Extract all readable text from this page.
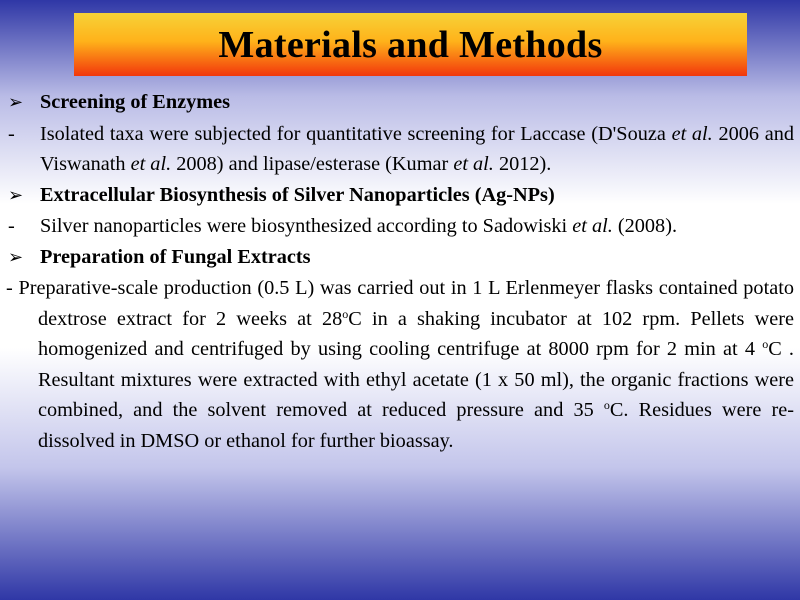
Materials and Methods
➢ Screening of Enzymes
-	Isolated taxa were subjected for quantitative screening for Laccase (D'Souza et al. 2006 and Viswanath et al. 2008) and lipase/esterase (Kumar et al. 2012).
➢ Extracellular Biosynthesis of Silver Nanoparticles (Ag-NPs)
-	Silver nanoparticles were biosynthesized according to Sadowiski et al. (2008).
➢ Preparation of Fungal Extracts
- Preparative-scale production (0.5 L) was carried out in 1 L Erlenmeyer flasks contained potato dextrose extract for 2 weeks at 28$^o$C in a shaking incubator at 102 rpm. Pellets were homogenized and centrifuged by using cooling centrifuge at 8000 rpm for 2 min at 4 $^o$C . Resultant mixtures were extracted with ethyl acetate (1 x 50 ml), the organic fractions were combined, and the solvent removed at reduced pressure and 35 $^o$C. Residues were re-dissolved in DMSO or ethanol for further bioassay.
